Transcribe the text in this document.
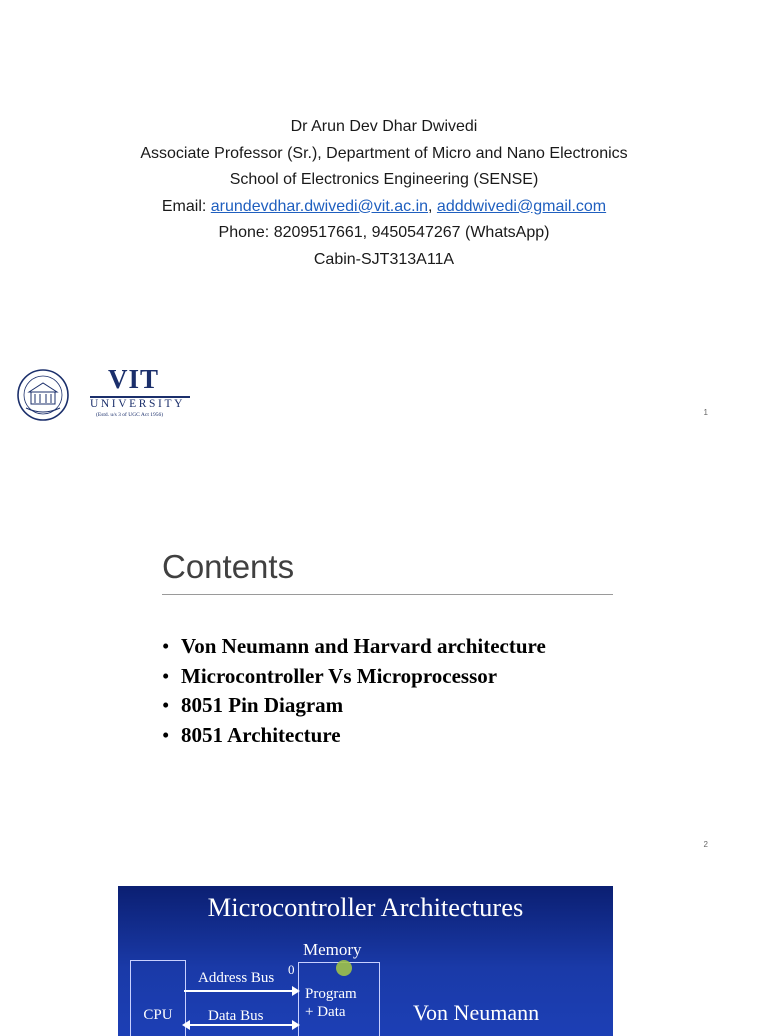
Dr Arun Dev Dhar Dwivedi
Associate Professor (Sr.), Department of Micro and Nano Electronics
School of Electronics Engineering (SENSE)
Email: arundevdhar.dwivedi@vit.ac.in, adddwivedi@gmail.com
Phone: 8209517661, 9450547267 (WhatsApp)
Cabin-SJT313A11A
VIT
UNIVERSITY
(Estd. u/s 3 of UGC Act 1956)	1
Contents
• Von Neumann and Harvard architecture
• Microcontroller Vs Microprocessor
• 8051 Pin Diagram
• 8051 Architecture
2
Microcontroller Architectures
Memory
CPU
0
Program
+ Data
Address Bus
Data Bus	Von Neumann
